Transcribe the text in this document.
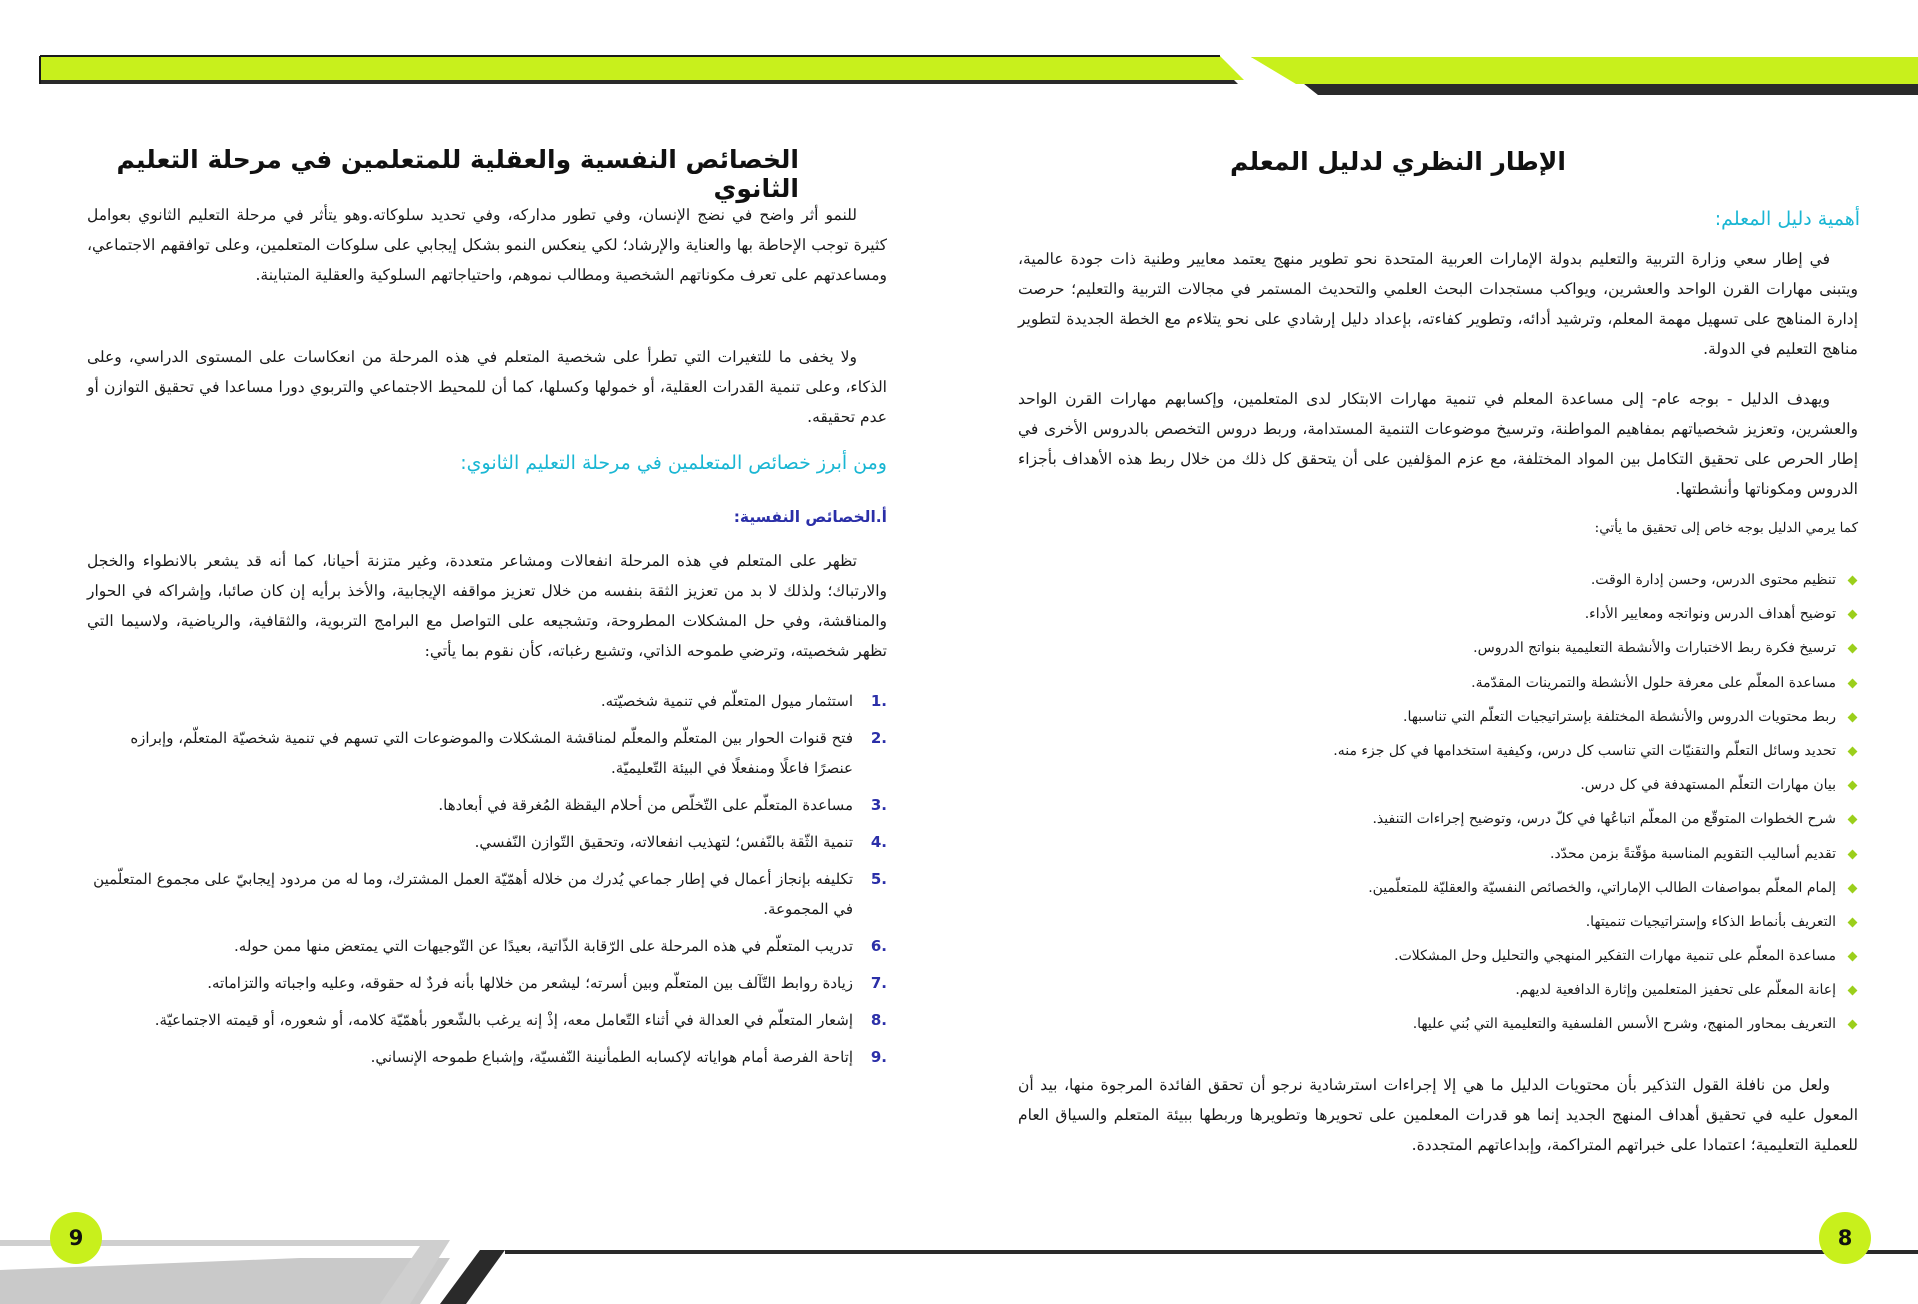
الخصائص النفسية والعقلية للمتعلمين في مرحلة التعليم الثانوي

للنمو أثر واضح في نضج الإنسان، وفي تطور مداركه، وفي تحديد سلوكاته.وهو يتأثر في مرحلة التعليم الثانوي بعوامل كثيرة توجب الإحاطة بها والعناية والإرشاد؛ لكي ينعكس النمو بشكل إيجابي على سلوكات المتعلمين، وعلى توافقهم الاجتماعي، ومساعدتهم على تعرف مكوناتهم الشخصية ومطالب نموهم، واحتياجاتهم السلوكية والعقلية المتباينة.

ولا يخفى ما للتغيرات التي تطرأ على شخصية المتعلم في هذه المرحلة من انعكاسات على المستوى الدراسي، وعلى الذكاء، وعلى تنمية القدرات العقلية، أو خمولها وكسلها، كما أن للمحيط الاجتماعي والتربوي دورا مساعدا في تحقيق التوازن أو عدم تحقيقه.

ومن أبرز خصائص المتعلمين في مرحلة التعليم الثانوي:
أ.الخصائص النفسية:

تظهر على المتعلم في هذه المرحلة انفعالات ومشاعر متعددة، وغير متزنة أحيانا، كما أنه قد يشعر بالانطواء والخجل والارتباك؛ ولذلك لا بد من تعزيز الثقة بنفسه من خلال تعزيز مواقفه الإيجابية، والأخذ برأيه إن كان صائبا، وإشراكه في الحوار والمناقشة، وفي حل المشكلات المطروحة، وتشجيعه على التواصل مع البرامج التربوية، والثقافية، والرياضية، ولاسيما التي تظهر شخصيته، وترضي طموحه الذاتي، وتشبع رغباته، كأن نقوم بما يأتي:

1.
استثمار ميول المتعلّم في تنمية شخصيّته.
2.
فتح قنوات الحوار بين المتعلّم والمعلّم لمناقشة المشكلات والموضوعات التي تسهم في تنمية شخصيّة المتعلّم، وإبرازه عنصرًا فاعلًا ومنفعلًا في البيئة التّعليميّة.
3.
مساعدة المتعلّم على التّخلّص من أحلام اليقظة المُغرقة في أبعادها.
4.
تنمية الثّقة بالنّفس؛ لتهذيب انفعالاته، وتحقيق التّوازن النّفسي.
5.
تكليفه بإنجاز أعمال في إطار جماعي يُدرك من خلاله أهمّيّة العمل المشترك، وما له من مردود إيجابيّ على مجموع المتعلّمين في المجموعة.
6.
تدريب المتعلّم في هذه المرحلة على الرّقابة الذّاتية، بعيدًا عن التّوجيهات التي يمتعض منها ممن حوله.
7.
زيادة روابط التّآلف بين المتعلّم وبين أسرته؛ ليشعر من خلالها بأنه فردٌ له حقوقه، وعليه واجباته والتزاماته.
8.
إشعار المتعلّم في العدالة في أثناء التّعامل معه، إذْ إنه يرغب بالشّعور بأهمّيّة كلامه، أو شعوره، أو قيمته الاجتماعيّة.
9.
إتاحة الفرصة أمام هواياته لإكسابه الطمأنينة النّفسيّة، وإشباع طموحه الإنساني.
9
الإطار النظري لدليل المعلم
أهمية دليل المعلم:

في إطار سعي وزارة التربية والتعليم بدولة الإمارات العربية المتحدة نحو تطوير منهج يعتمد معايير وطنية ذات جودة عالمية، ويتبنى مهارات القرن الواحد والعشرين، ويواكب مستجدات البحث العلمي والتحديث المستمر في مجالات التربية والتعليم؛ حرصت إدارة المناهج على تسهيل مهمة المعلم، وترشيد أدائه، وتطوير كفاءته، بإعداد دليل إرشادي على نحو يتلاءم مع الخطة الجديدة لتطوير مناهج التعليم في الدولة.

ويهدف الدليل - بوجه عام- إلى مساعدة المعلم في تنمية مهارات الابتكار لدى المتعلمين، وإكسابهم مهارات القرن الواحد والعشرين، وتعزيز شخصياتهم بمفاهيم المواطنة، وترسيخ موضوعات التنمية المستدامة، وربط دروس التخصص بالدروس الأخرى في إطار الحرص على تحقيق التكامل بين المواد المختلفة، مع عزم المؤلفين على أن يتحقق كل ذلك من خلال ربط هذه الأهداف بأجزاء الدروس ومكوناتها وأنشطتها.

كما يرمي الدليل بوجه خاص إلى تحقيق ما يأتي:

تنظيم محتوى الدرس، وحسن إدارة الوقت.
توضيح أهداف الدرس ونواتجه ومعايير الأداء.
ترسيخ فكرة ربط الاختبارات والأنشطة التعليمية بنواتج الدروس.
مساعدة المعلّم على معرفة حلول الأنشطة والتمرينات المقدّمة.
ربط محتويات الدروس والأنشطة المختلفة بإستراتيجيات التعلّم التي تناسبها.
تحديد وسائل التعلّم والتقنيّات التي تناسب كل درس، وكيفية استخدامها في كل جزء منه.
بيان مهارات التعلّم المستهدفة في كل درس.
شرح الخطوات المتوقّع من المعلّم اتباعُها في كلّ درس، وتوضيح إجراءات التنفيذ.
تقديم أساليب التقويم المناسبة مؤقّتةً بزمن محدّد.
إلمام المعلّم بمواصفات الطالب الإماراتي، والخصائص النفسيّة والعقليّة للمتعلّمين.
التعريف بأنماط الذكاء وإستراتيجيات تنميتها.
مساعدة المعلّم على تنمية مهارات التفكير المنهجي والتحليل وحل المشكلات.
إعانة المعلّم على تحفيز المتعلمين وإثارة الدافعية لديهم.
التعريف بمحاور المنهج، وشرح الأسس الفلسفية والتعليمية التي بُني عليها.

ولعل من نافلة القول التذكير بأن محتويات الدليل ما هي إلا إجراءات استرشادية نرجو أن تحقق الفائدة المرجوة منها، بيد أن المعول عليه في تحقيق أهداف المنهج الجديد إنما هو قدرات المعلمين على تحويرها وتطويرها وربطها ببيئة المتعلم والسياق العام للعملية التعليمية؛ اعتمادا على خبراتهم المتراكمة، وإبداعاتهم المتجددة.

8
